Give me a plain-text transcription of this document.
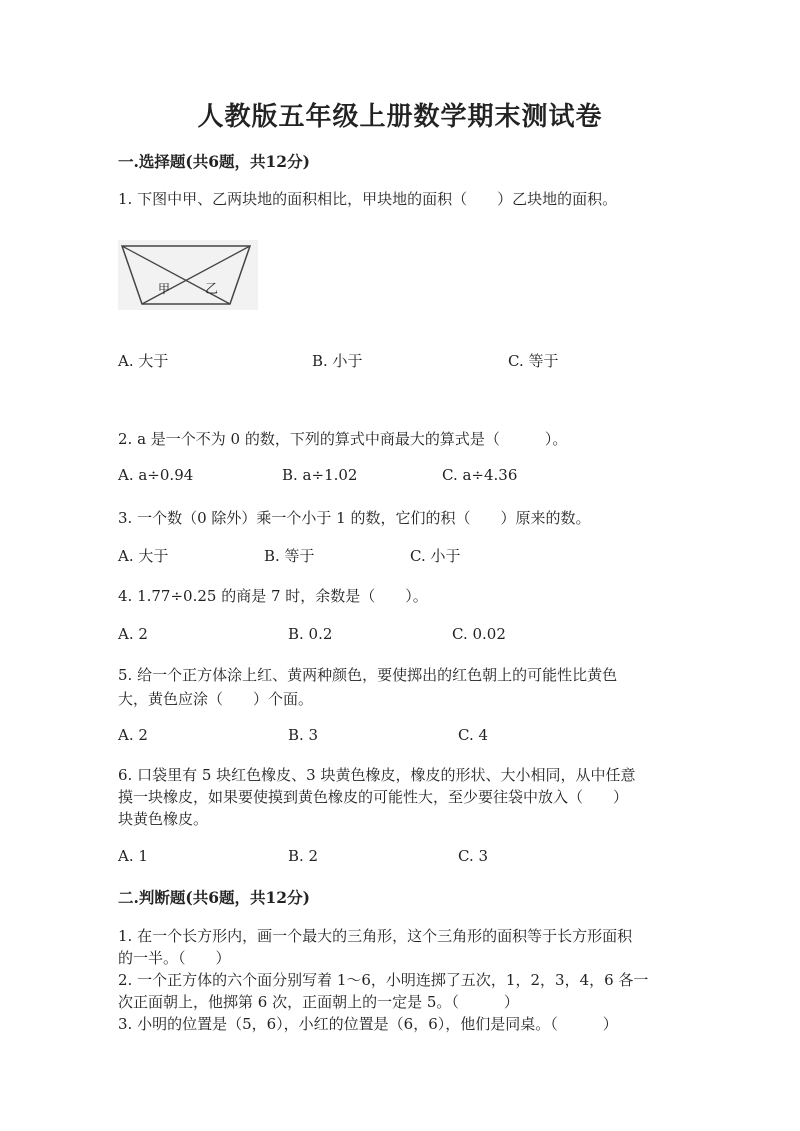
人教版五年级上册数学期末测试卷
一.选择题(共6题，共12分)
1. 下图中甲、乙两块地的面积相比，甲块地的面积（　　）乙块地的面积。
甲	乙
A. 大于	B. 小于	C. 等于
2. a 是一个不为 0 的数，下列的算式中商最大的算式是（　　　）。
A. a÷0.94	B. a÷1.02	C. a÷4.36
3. 一个数（0 除外）乘一个小于 1 的数，它们的积（　　）原来的数。
A. 大于	B. 等于	C. 小于
4. 1.77÷0.25 的商是 7 时，余数是（　　）。
A. 2	B. 0.2	C. 0.02
5. 给一个正方体涂上红、黄两种颜色，要使掷出的红色朝上的可能性比黄色
大，黄色应涂（　　）个面。
A. 2	B. 3	C. 4
6. 口袋里有 5 块红色橡皮、3 块黄色橡皮，橡皮的形状、大小相同，从中任意
摸一块橡皮，如果要使摸到黄色橡皮的可能性大，至少要往袋中放入（　　）
块黄色橡皮。
A. 1	B. 2	C. 3
二.判断题(共6题，共12分)
1. 在一个长方形内，画一个最大的三角形，这个三角形的面积等于长方形面积
的一半。（　　）
2. 一个正方体的六个面分别写着 1～6，小明连掷了五次，1，2，3，4，6 各一
次正面朝上，他掷第 6 次，正面朝上的一定是 5。（　　　）
3. 小明的位置是（5，6），小红的位置是（6，6），他们是同桌。（　　　）
